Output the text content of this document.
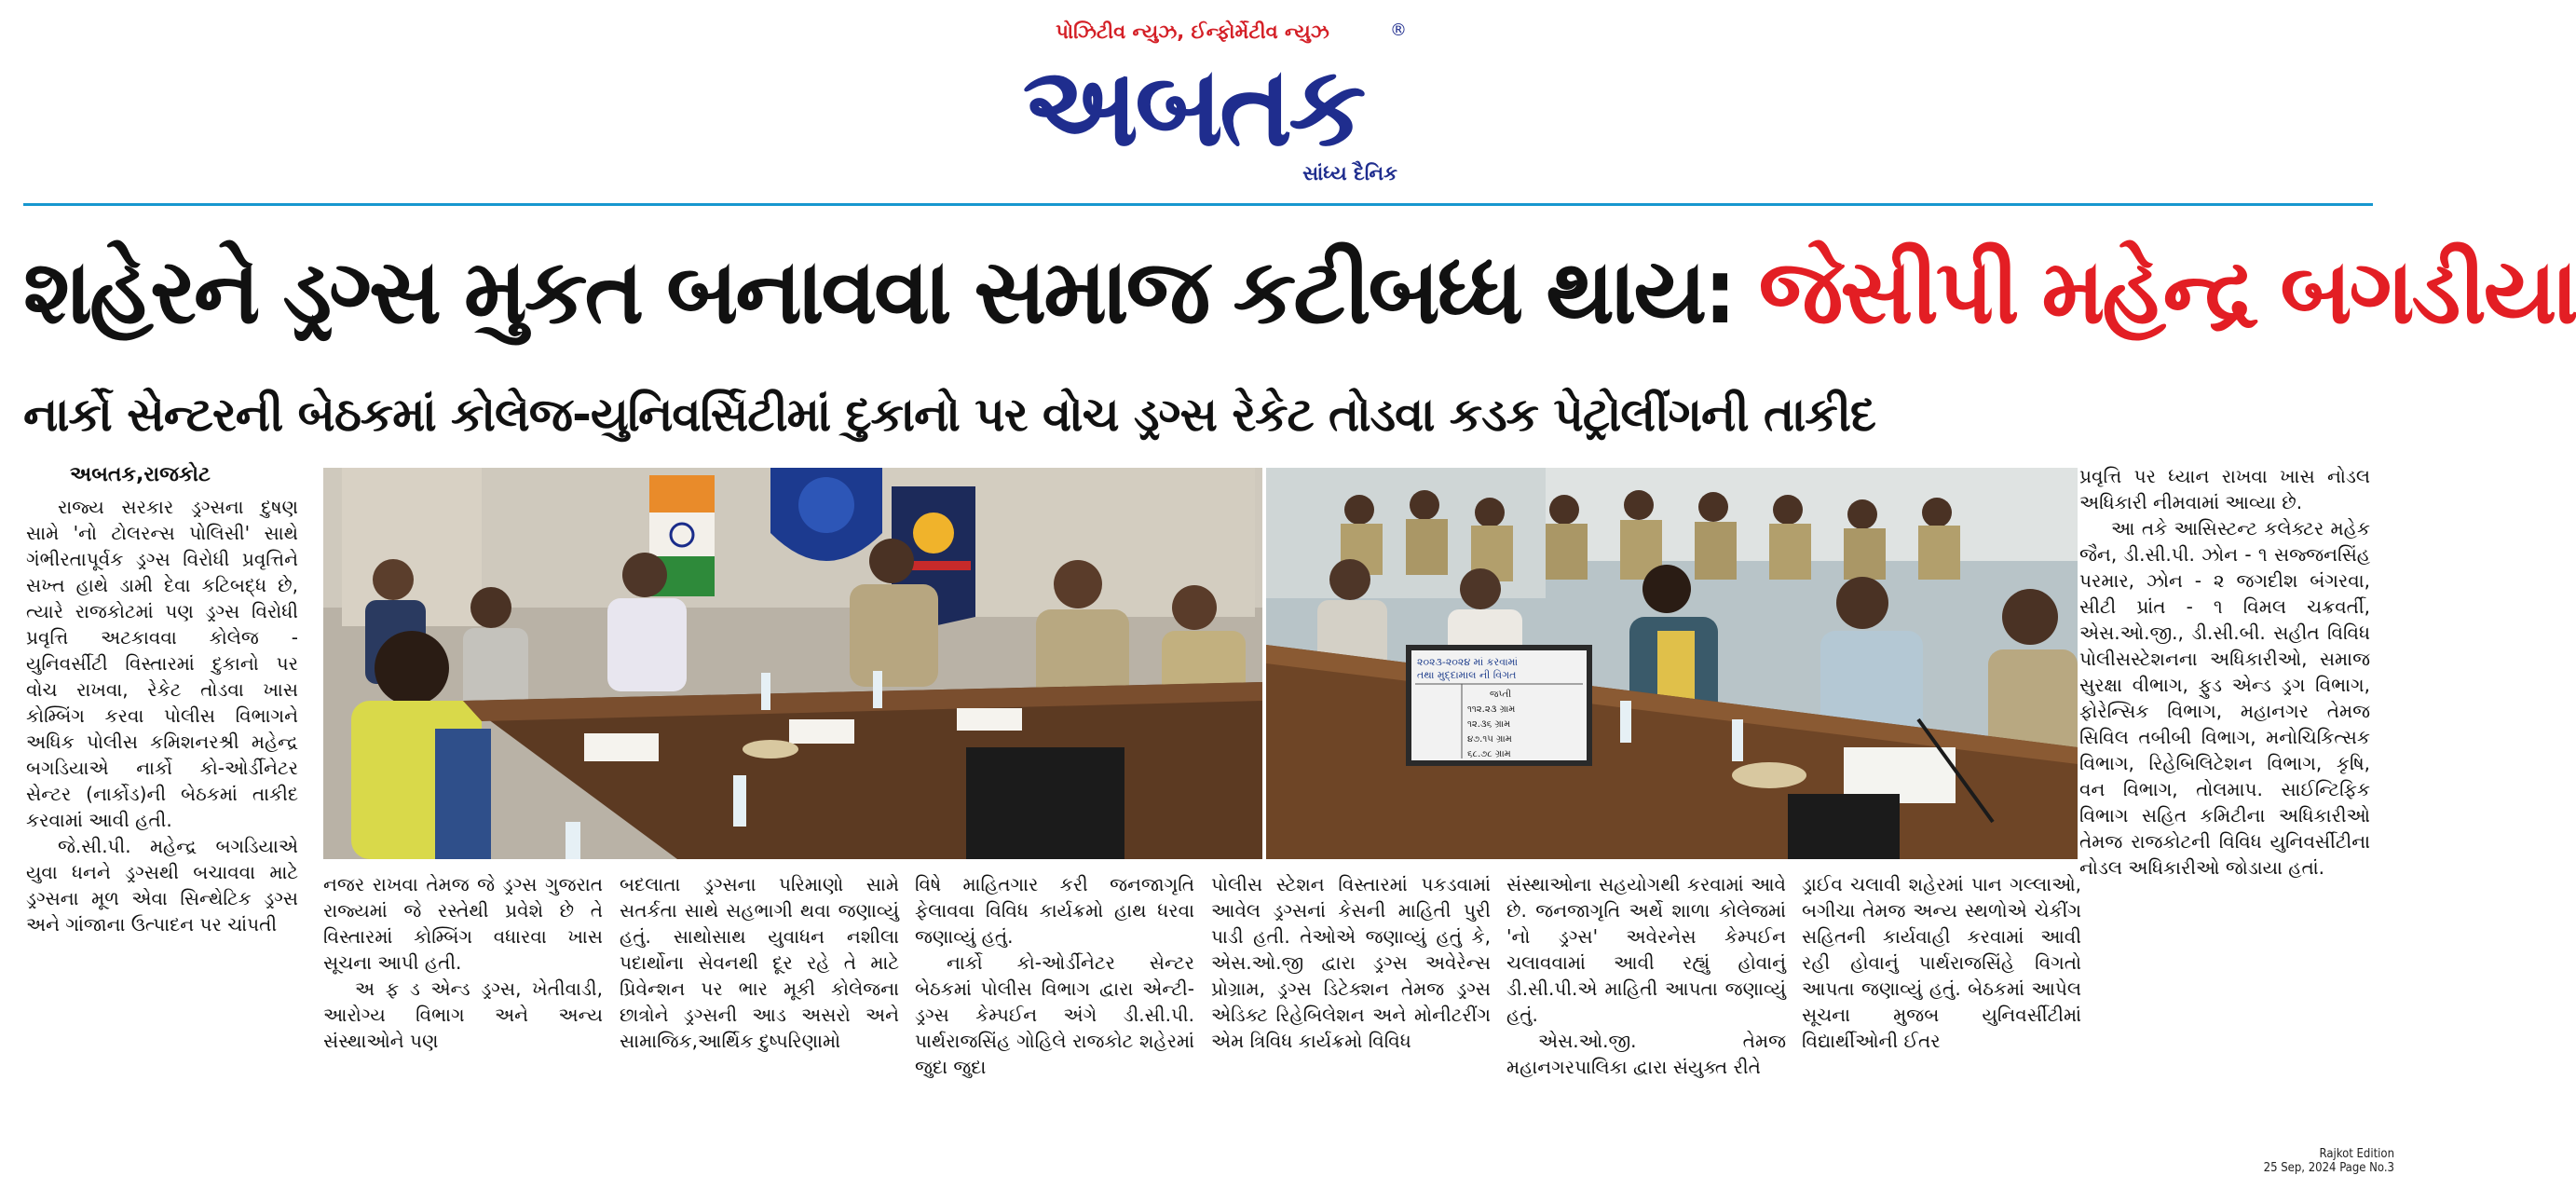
પોઝિટીવ ન્યુઝ, ઈન્ફોર્મેટીવ ન્યુઝ
અબતક
®
સાંધ્ય દૈનિક
શહેરને ડ્રગ્સ મુકત બનાવવા સમાજ કટીબધ્ધ થાય: જેસીપી મહેન્દ્ર બગડીયા
નાર્કો સેન્ટરની બેઠકમાં કોલેજ-યુનિવર્સિટીમાં દુકાનો પર વોચ ડ્રગ્સ રેકેટ તોડવા કડક પેટ્રોલીંગની તાકીદ
અબતક,રાજકોટ
૨૦૨૩-૨૦૨૪ માં કરવામાં
તથા મુદ્દામાલ ની વિગત
જપ્તી
૧૧૨.૨૩ ગ્રામ
૧૨.૩૬ ગ્રામ
૪૭.૧૫ ગ્રામ
૬૮.૭૮ ગ્રામ

રાજ્ય સરકાર ડ્રગ્સના દુષણ સામે 'નો ટોલરન્સ પોલિસી' સાથે ગંભીરતાપૂર્વક ડ્રગ્સ વિરોધી પ્રવૃત્તિને સખ્ત હાથે ડામી દેવા કટિબદ્ધ છે, ત્યારે રાજકોટમાં પણ ડ્રગ્સ વિરોધી પ્રવૃત્તિ અટકાવવા કોલેજ - યુનિવર્સીટી વિસ્તારમાં દુકાનો પર વોચ રાખવા, રેકેટ તોડવા ખાસ કોમ્બિંગ કરવા પોલીસ વિભાગને અધિક પોલીસ કમિશનરશ્રી મહેન્દ્ર બગડિયાએ નાર્કો કો-ઓર્ડીનેટર સેન્ટર (નાર્કોડ)ની બેઠકમાં તાકીદ કરવામાં આવી હતી.

જે.સી.પી. મહેન્દ્ર બગડિયાએ યુવા ધનને ડ્રગ્સથી બચાવવા માટે ડ્રગ્સના મૂળ એવા સિન્થેટિક ડ્રગ્સ અને ગાંજાના ઉત્પાદન પર ચાંપતી

નજર રાખવા તેમજ જે ડ્રગ્સ ગુજરાત રાજ્યમાં જે રસ્તેથી પ્રવેશે છે તે વિસ્તારમાં કોમ્બિંગ વધારવા ખાસ સૂચના આપી હતી.

અ ફ ડ એન્ડ ડ્રગ્સ, ખેતીવાડી, આરોગ્ય વિભાગ અને અન્ય સંસ્થાઓને પણ

બદલાતા ડ્રગ્સના પરિમાણો સામે સતર્કતા સાથે સહભાગી થવા જણાવ્યું હતું. સાથોસાથ યુવાધન નશીલા પદાર્થોના સેવનથી દૂર રહે તે માટે પ્રિવેન્શન પર ભાર મૂકી કોલેજના છાત્રોને ડ્રગ્સની આડ અસરો અને સામાજિક,આર્થિક દુષ્પરિણામો

વિષે માહિતગાર કરી જનજાગૃતિ ફેલાવવા વિવિધ કાર્યક્રમો હાથ ધરવા જણાવ્યું હતું.

નાર્કો કો-ઓર્ડીનેટર સેન્ટર બેઠકમાં પોલીસ વિભાગ દ્વારા એન્ટી-ડ્રગ્સ કેમ્પઈન અંગે ડી.સી.પી. પાર્થરાજસિંહ ગોહિલે રાજકોટ શહેરમાં જુદા જુદા

પોલીસ સ્ટેશન વિસ્તારમાં પકડવામાં આવેલ ડ્રગ્સનાં કેસની માહિતી પુરી પાડી હતી. તેઓએ જણાવ્યું હતું કે, એસ.ઓ.જી દ્વારા ડ્રગ્સ અવેરેન્સ પ્રોગ્રામ, ડ્રગ્સ ડિટેક્શન તેમજ ડ્રગ્સ એડિક્ટ રિહેબિલેશન અને મોનીટરીંગ એમ ત્રિવિધ કાર્યક્રમો વિવિધ

સંસ્થાઓના સહયોગથી કરવામાં આવે છે. જનજાગૃતિ અર્થે શાળા કોલેજમાં 'નો ડ્રગ્સ' અવેરનેસ કેમ્પઈન ચલાવવામાં આવી રહ્યું હોવાનું ડી.સી.પી.એ માહિતી આપતા જણાવ્યું હતું.

એસ.ઓ.જી. તેમજ મહાનગરપાલિકા દ્વારા સંયુક્ત રીતે

ડ્રાઈવ ચલાવી શહેરમાં પાન ગલ્લાઓ, બગીચા તેમજ અન્ય સ્થળોએ ચેકીંગ સહિતની કાર્યવાહી કરવામાં આવી રહી હોવાનું પાર્થરાજસિંહે વિગતો આપતા જણાવ્યું હતું. બેઠકમાં આપેલ સૂચના મુજબ યુનિવર્સીટીમાં વિદ્યાર્થીઓની ઈતર

પ્રવૃત્તિ પર ધ્યાન રાખવા ખાસ નોડલ અધિકારી નીમવામાં આવ્યા છે.

આ તકે આસિસ્ટન્ટ કલેક્ટર મહેક જૈન, ડી.સી.પી. ઝોન - ૧ સજ્જનસિંહ પરમાર, ઝોન - ૨ જગદીશ બંગરવા, સીટી પ્રાંત - ૧ વિમલ ચક્રવર્તી, એસ.ઓ.જી., ડી.સી.બી. સહીત વિવિધ પોલીસસ્ટેશનના અધિકારીઓ, સમાજ સુરક્ષા વીભાગ, ફુડ એન્ડ ડ્રગ વિભાગ, ફોરેન્સિક વિભાગ, મહાનગર તેમજ સિવિલ તબીબી વિભાગ, મનોચિકિત્સક વિભાગ, રિહેબિલિટેશન વિભાગ, કૃષિ, વન વિભાગ, તોલમાપ. સાઈન્ટિફિક વિભાગ સહિત કમિટીના અધિકારીઓ તેમજ રાજકોટની વિવિધ યુનિવર્સીટીના નોડલ અધિકારીઓ જોડાયા હતાં.

Rajkot Edition
25 Sep, 2024 Page No.3
